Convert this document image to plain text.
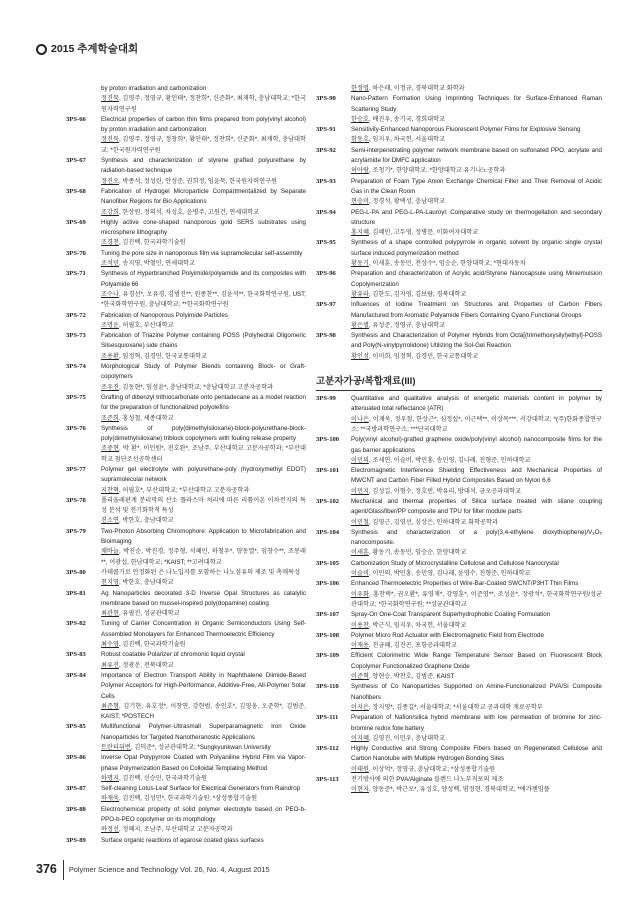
2015 추계학술대회
by proton irradiation and carbonization
정진묵, 김영주, 정영규, 황인태*, 정찬희*, 신준화*, 최재학, 충남대학교; *한국원자력연구원
3PS-66	Electrical properties of carbon thin films prepared from poly(vinyl alcohol) by proton irradiation and carbonization
정진묵, 김영주, 정영규, 정창희*, 황인태*, 정찬희*, 신준화*, 최재학, 충남대학교; *한국원자력연구원
3PS-67	Synthesis and characterization of styrene grafted polyurethane by radiation-based technique
정진오, 박종석, 정성린, 안성준, 권희정, 임윤묵, 한국원자력연구원
3PS-68	Fabrication of Hydrogel Microparticle Compartmentalized by Separate Nanofiber Regions for Bio Applications
조강희, 한상원, 정의석, 차성호, 윤병주, 고원건, 연세대학교
3PS-69	Highly active cone-shaped nanoporous gold SERS substrates using microsphere lithography
조경천, 김진백, 한국과학기술원
3PS-70	Tuning the pore size in nanoporous film via supramolecular self-assembly
조석민, 송지영, 박철민, 연세대학교
3PS-71	Synthesis of Hyperbranched Polyimide/polyamide and its composites with Polyamide 66
조수나, 유경선*, 오유경, 김범진**, 원종찬**, 김윤석**, 한국화학연구원, UST; *한국화학연구원, 충남대학교; **한국화학연구원
3PS-72	Fabrication of Nanoporous Polyimide Particles
조명운, 허필호, 부산대학교
3PS-73	Fabrication of Triazine Polymer containing POSS (Polyhedral Oligomeric Silsesquioxane) side chains
조용환, 임정혁, 김경민, 한국교통대학교
3PS-74	Morphological Study of Polymer Blends containing Block- or Graft-copolymers
조우진, 김동현*, 임성윤*, 충남대학교; *충남대학교 고분자공학과
3PS-75	Grafting of dibenzyl trithiocarbonate onto pentadecane as a model reaction for the preparation of functionalized polyolefins
조준희, 홍성철, 세종대학교
3PS-76	Synthesis of poly(dimethylsiloxane)-block-polyurethane-block-poly(dimethylsiloxane) triblock copolymers with fouling release property
조중현, 박 환*, 이인원*, 전호완*, 조남주, 부산대학교 고분자공학과; *부산대학교 첨단조선공학센터
3PS-77	Polymer gel electrolyte with polyurethane-poly (hydroxymethyl EDOT) supramolecular network
지찬혁, 허필호*, 부산대학교; *부산대학교 고분자공학과
3PS-78	폴리올레핀계 분리막의 산소 플라스마 처리에 따른 리튬이온 이차전지의 특성 분석 및 전기화학적 특성
진소연, 박한호, 충남대학교
3PS-79	Two-Photon Absorbing Chromophore: Application to Microfabrication and Bioimaging
채바늘, 박진순, 박진경, 정주형, 서혜민, 하철우*, 양동열*, 임창수**, 조봉래**, 이광섭, 한남대학교; *KAIST; **고려대학교
3PS-80	카테콜기로 안정화된 은 나노입자를 포함하는 나노섬유의 제조 및 촉매특성
천지영, 박한호, 충남대학교
3PS-81	Ag Nanoparticles decorated 3-D Inverse Opal Structures as catalytic membrane based on mussel-inspired poly(dopamine) coating
최관현, 유필진, 성균관대학교
3PS-82	Tuning of Carrier Concentration in Organic Semiconductors Using Self-Assembled Monolayers for Enhanced Thermoelectric Efficiency
최수영, 김진백, 한국과학기술원
3PS-83	Robust coatable Polarizer of chromonic liquid crystal
최유진, 정광운, 전북대학교
3PS-84	Importance of Electron Transport Ability in Naphthalene Diimide-Based Polymer Acceptors for High-Performance, Additive-Free, All-Polymer Solar Cells
최준형, 김기현, 유호정*, 이창연, 강현범, 송인호*, 김영웅, 오준학*, 김범준, KAIST; *POSTECH
3PS-85	Multifunctional Polymer-Ultrasmall Superparamagnetic Iron Oxide Nanoparticles for Targeted Nanotheranostic Applications
트란티뒤번, 김덕준*, 성균관대학교; *Sungkyunkwan University
3PS-86	Inverse Opal Polypyrrole Coated with Polyaniline Hybrid Film via Vapor-phase Polymerization Based on Colloidal Templating Method
하명지, 김진백, 신승민, 한국과학기술원
3PS-87	Self-cleaning Lotus-Leaf Surface for Electrical Generators from Raindrop
하재욱, 김진백, 김성민*, 한국과학기술원; *삼성종합기술원
3PS-88	Electrochemical property of solid polymer electrolyte based on PEO-b-PPO-b-PEO copolymer on its morphology
하정선, 정혜지, 조남주, 부산대학교 고분자공학과
3PS-89	Surface organic reactions of agarose coated glass surfaces
한정엽, 하은래, 이정규, 경북대학교 화학과
3PS-90	Nano-Pattern Formation Using Imprinting Techniques for Surface-Enhanced Raman Scattering Study
한승호, 배진우, 송기국, 경희대학교
3PS-91	Sensitivity-Enhanced Nanoporous Fluorescent Polymer Films for Explosive Sensing
함동호, 임지우, 차국헌, 서울대학교
3PS-92	Semi-interpenetrating polymer network membrane based on sulfonated PPO, acrylate and acrylamide for DMFC application
허아람, 조청기*, 한양대학교; *한양대학교 유기나노공학과
3PS-93	Preparation of Foam Type Anion Exchange Chemical Filter and Their Removal of Acidic Gas in the Clean Room
현승미, 정경석, 황택성, 충남대학교
3PS-94	PEG-L-PA and PEG-L-PA-Lauroyl: Comparative study on thermogellation and secondary structure
홍지혜, 김혜민, 고두영, 정병문, 이화여자대학교
3PS-95	Synthesis of a shape controlled polypyrrole in organic solvent by organic single crystal surface induced polymerization method
황동기, 이세훈, 송동민, 전상수*, 임승순, 한양대학교; *현대자동차
3PS-96	Preparation and characterization of Acrylic acid/Styrene Nanocapsule using Miniemulsion Copolymerization
황유라, 김한도, 김지영, 김보람, 경북대학교
3PS-97	Influences of Iodine Treatment on Structures and Properties of Carbon Fibers Manufactured from Aromatic Polyamide Fibers Containing Cyano Functional Groups
황은별, 유성준, 정영규, 충남대학교
3PS-98	Synthesis and Characterization of Polymer Hybrids from Octa[(trimethoxysilyl)ethyl]-POSS and Poly(N-vinylpyrrolidone) Utilizing the Sol-Gel Reaction
황인성, 이미희, 임정혁, 김경민, 한국교통대학교
고분자가공/복합재료(III)
3PS-99	Quantitative and qualitative analysis of energetic materials content in polymer by attenuated total reflectance (ATR)
이나은, 이재욱, 정우철, 한상근*, 심정섭*, 이근택**, 이상목***, 서강대학교; *(주)한화종합연구소; **국방과학연구소; ***단국대학교
3PS-100	Poly(vinyl alcohol)-grafted graphene oxide/poly(vinyl alcohol) nanocomposite films for the gas barrier applications
이민의, 조세연, 이슬비, 박민홍, 송민영, 김나래, 진형준, 인하대학교
3PS-101	Electromagnetic Interference Shielding Effectiveness and Mechanical Properties of MWCNT and Carbon Fiber Filled Hybrid Composites Based on Nylon 6,6
이민지, 김성길, 이형수, 정호빈, 박유리, 방대석, 금오공과대학교
3PS-102	Mechanical and thermal properties of Silica surface treated with silane coupling agent/Glassfiber/PP composite and TPU for filter module parts
이민철, 김영근, 김영선, 심상은, 인하대학교 화학공학과
3PS-104	Synthesis and characterization of a poly(3,4-ethylene dioxythiophene)/V₂O₅ nanocomposite.
이세훈, 황동기, 송동민, 임승순, 한양대학교
3PS-105	Carbonization Study of Microcrystalline Cellulose and Cellulose Nanocrystal
이슬비, 이민의, 박민홍, 송민영, 김나래, 윤영수, 진형준, 인하대학교
3PS-106	Enhanced Thermoelectric Properties of Wire-Bar-Coated SWCNT/P3HT Thin Films
이우화, 홍찬택*, 권오환*, 유영재*, 강영훈*, 이준영**, 조성윤*, 장광석*, 한국화학연구원/성균관대학교; *한국화학연구원; **성균관대학교
3PS-107	Spray-On One-Coat Transparent Superhydrophobic Coating Formulation
이용찬, 박근식, 임지우, 차국헌, 서울대학교
3PS-108	Polymer Micro Rod Actuator with Electromagnetic Field from Electrode
이재용, 전금혜, 김진곤, 포항공과대학교
3PS-109	Efficient Colorimetric Wide Range Temperature Sensor Based on Fluorescent Block Copolymer Functionalized Graphene Oxide
이준혁, 양현승, 박찬호, 김범준, KAIST
3PS-110	Synthesis of Co Nanoparticles Supported on Amine-Functionalized PVA/Si Composite Nanofibers
이지은, 장지영*, 김종길*, 서울대학교; *서울대학교 공과대학 재료공학부
3PS-111	Preparation of Nafion/silica hybrid membrane with low permeation of bromine for zinc-bromine redox folw battery
이지혜, 김영진, 이민우, 충남대학교
3PS-112	Highly Conductive and Strong Composite Fibers based on Regenerated Cellulose and Carbon Nanotube with Multiple Hydrogen Bonding Sites
이태원, 이상억*, 정영규, 충남대학교; *삼성종합기술원
3PS-113	전기방사에 의한 PVA/Alginate 블렌드 나노부직포의 제조
이현지, 양동준*, 박근오*, 유성호, 양성백, 염정현, 경북대학교; *에가젠임플
376 Polymer Science and Technology Vol. 26, No. 4, August 2015
